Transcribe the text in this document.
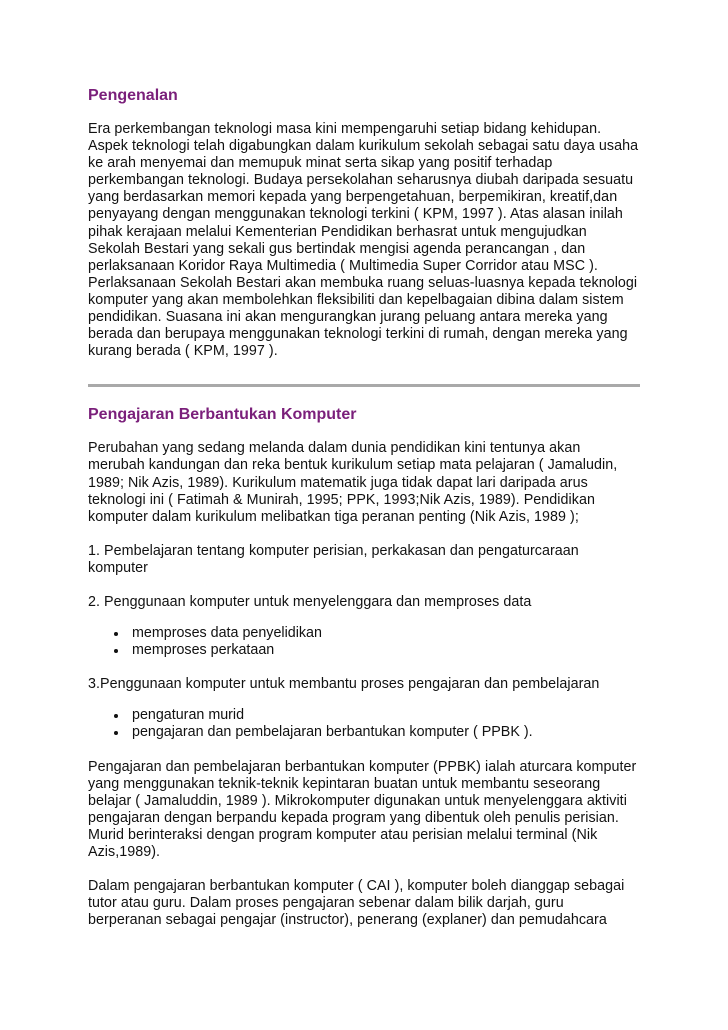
Pengenalan

Era perkembangan teknologi masa kini mempengaruhi setiap bidang kehidupan. Aspek teknologi telah digabungkan dalam kurikulum sekolah sebagai satu daya usaha ke arah menyemai dan memupuk minat serta sikap yang positif terhadap perkembangan teknologi. Budaya persekolahan seharusnya diubah daripada sesuatu yang berdasarkan memori kepada yang berpengetahuan, berpemikiran, kreatif,dan penyayang dengan menggunakan teknologi terkini ( KPM, 1997 ). Atas alasan inilah pihak kerajaan melalui Kementerian Pendidikan berhasrat untuk mengujudkan Sekolah Bestari yang sekali gus bertindak mengisi agenda perancangan , dan perlaksanaan Koridor Raya Multimedia ( Multimedia Super Corridor atau MSC ). Perlaksanaan Sekolah Bestari akan membuka ruang seluas-luasnya kepada teknologi komputer yang akan membolehkan fleksibiliti dan kepelbagaian dibina dalam sistem pendidikan. Suasana ini akan mengurangkan jurang peluang antara mereka yang berada dan berupaya menggunakan teknologi terkini di rumah, dengan mereka yang kurang berada ( KPM, 1997 ).

Pengajaran Berbantukan Komputer

Perubahan yang sedang melanda dalam dunia pendidikan kini tentunya akan merubah kandungan dan reka bentuk kurikulum setiap mata pelajaran ( Jamaludin, 1989; Nik Azis, 1989). Kurikulum matematik juga tidak dapat lari daripada arus teknologi ini ( Fatimah & Munirah, 1995; PPK, 1993;Nik Azis, 1989). Pendidikan komputer dalam kurikulum melibatkan tiga peranan penting (Nik Azis, 1989 );

1. Pembelajaran tentang komputer perisian, perkakasan dan pengaturcaraan komputer

2. Penggunaan komputer untuk menyelenggara dan memproses data

memproses data penyelidikan
memproses perkataan

3.Penggunaan komputer untuk membantu proses pengajaran dan pembelajaran

pengaturan murid
pengajaran dan pembelajaran berbantukan komputer ( PPBK ).

Pengajaran dan pembelajaran berbantukan komputer (PPBK) ialah aturcara komputer yang menggunakan teknik-teknik kepintaran buatan untuk membantu seseorang belajar ( Jamaluddin, 1989 ). Mikrokomputer digunakan untuk menyelenggara aktiviti pengajaran dengan berpandu kepada program yang dibentuk oleh penulis perisian. Murid berinteraksi dengan program komputer atau perisian melalui terminal (Nik Azis,1989).

Dalam pengajaran berbantukan komputer ( CAI ), komputer boleh dianggap sebagai tutor atau guru. Dalam proses pengajaran sebenar dalam bilik darjah, guru berperanan sebagai pengajar (instructor), penerang (explaner) dan pemudahcara
